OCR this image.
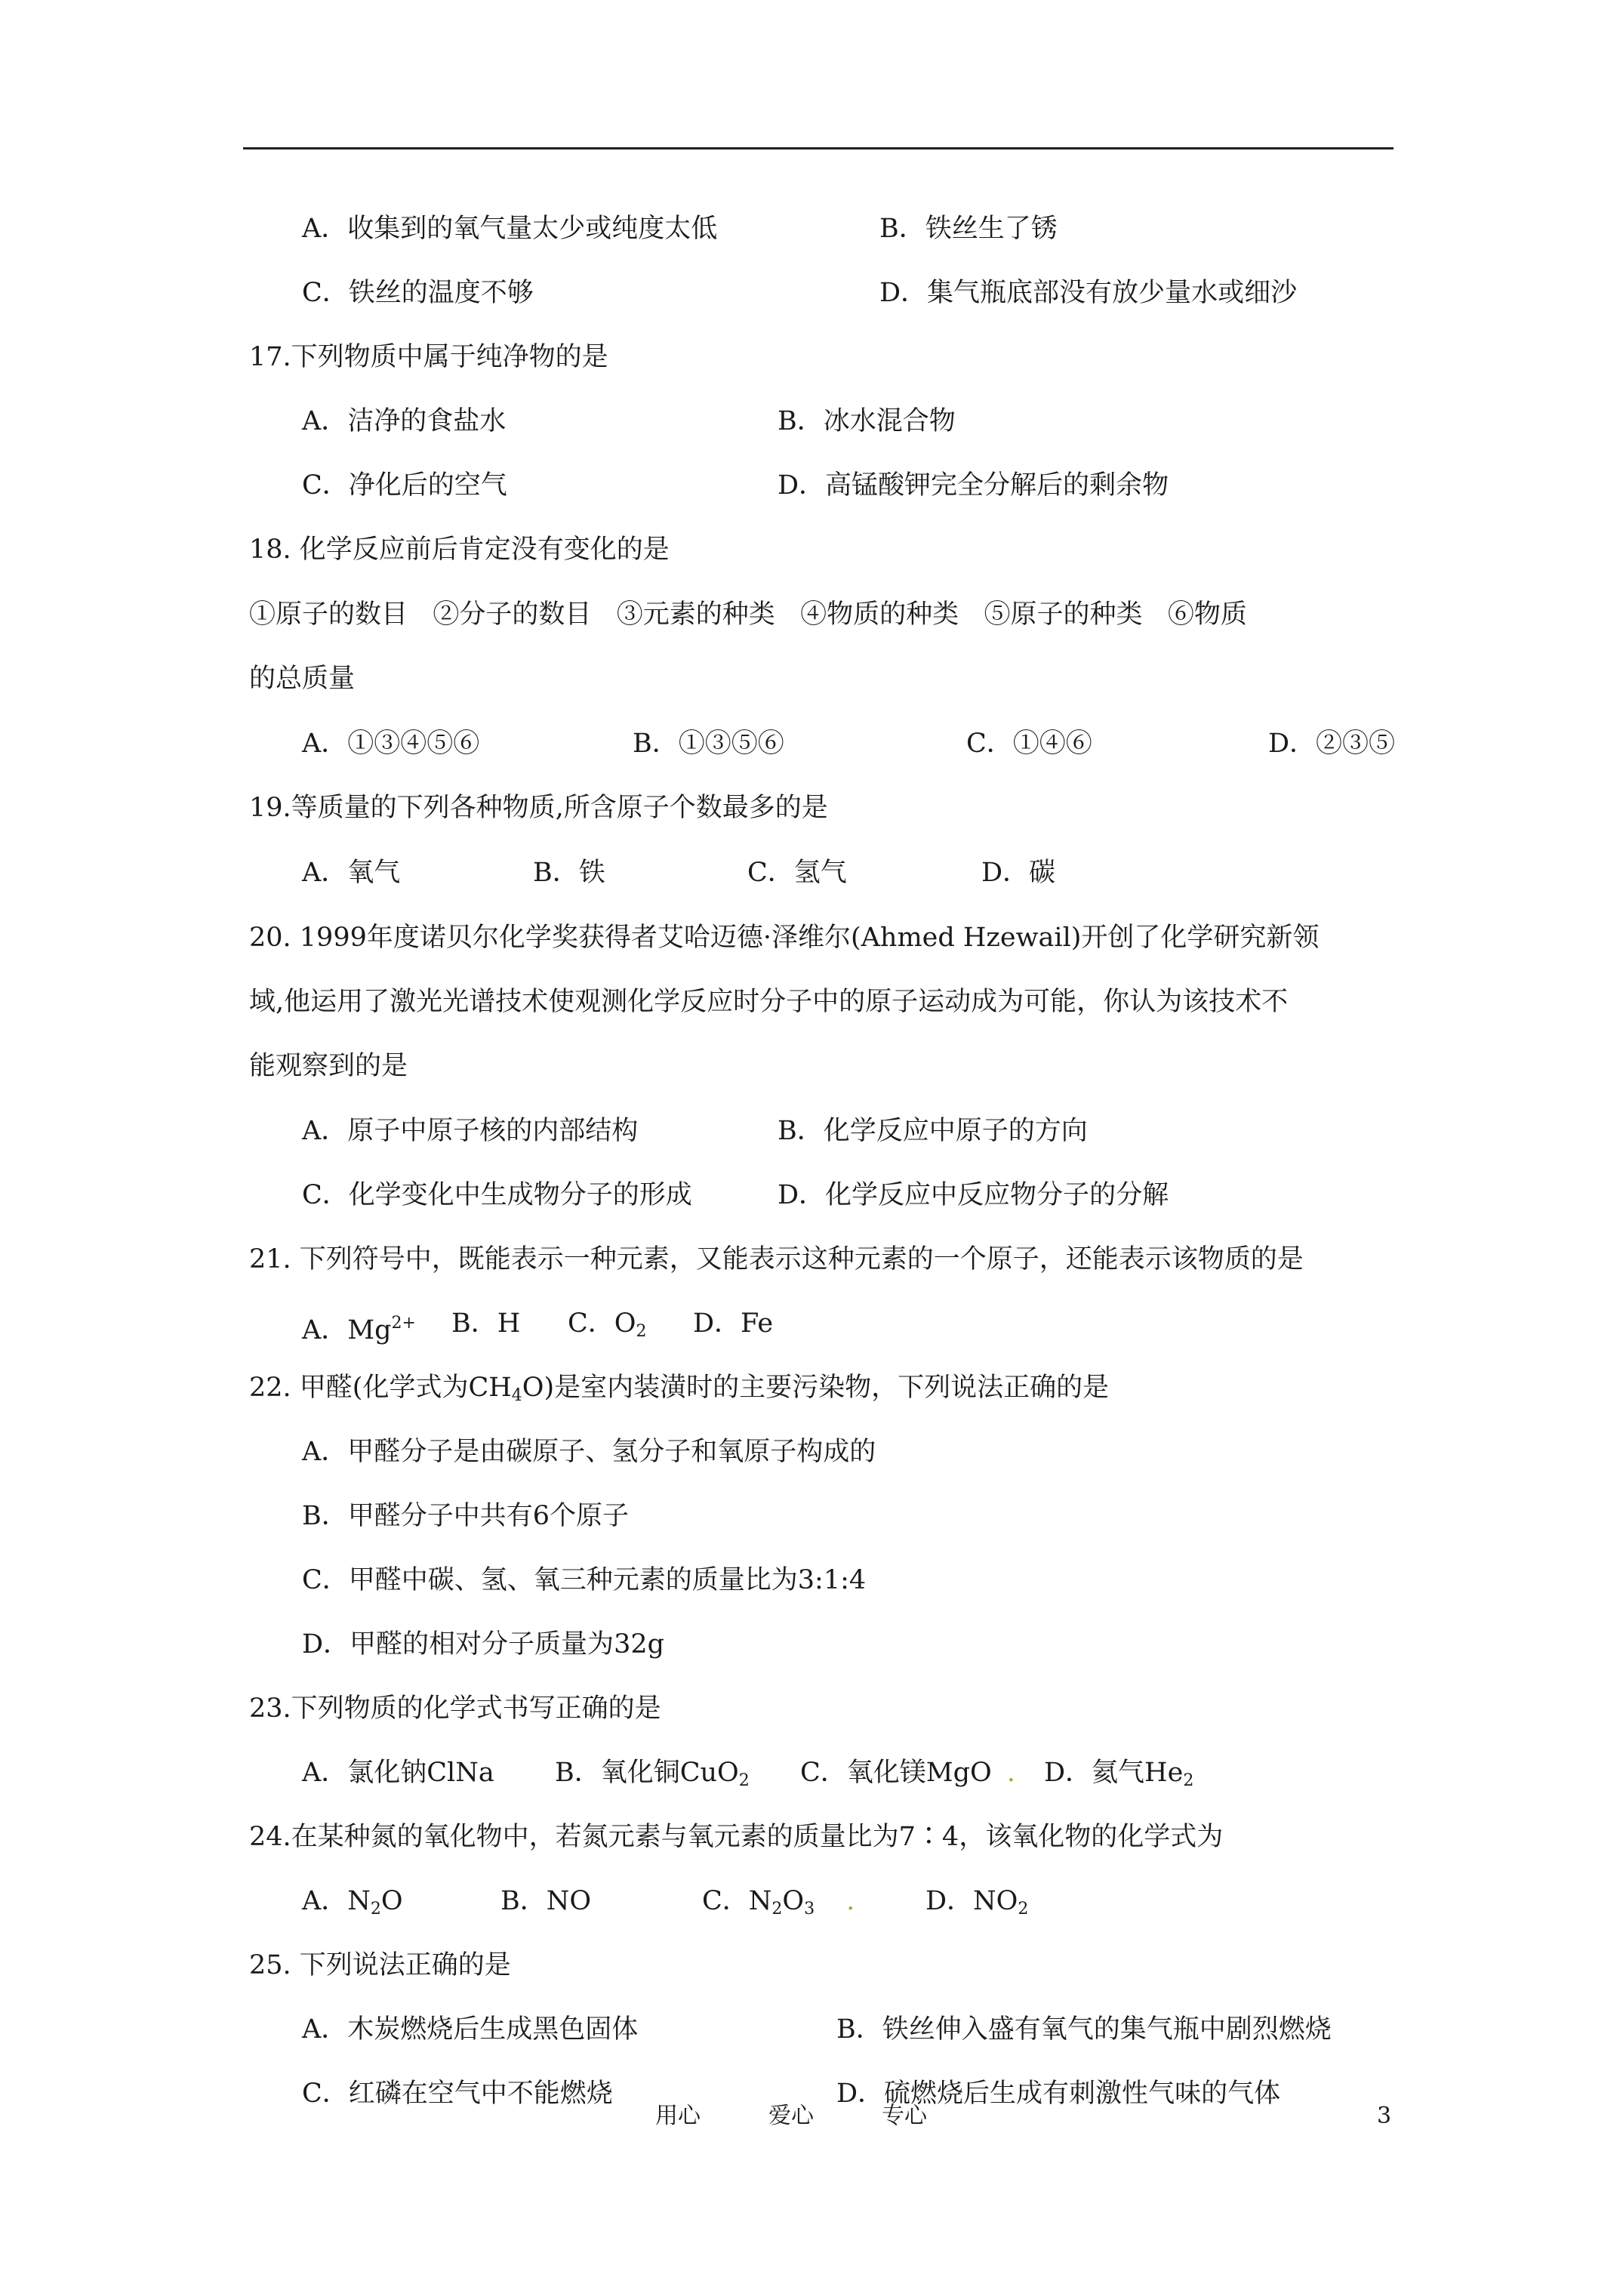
A．收集到的氧气量太少或纯度太低	B．铁丝生了锈
C．铁丝的温度不够	D．集气瓶底部没有放少量水或细沙
17.下列物质中属于纯净物的是
A．洁净的食盐水	B．冰水混合物
C．净化后的空气	D．高锰酸钾完全分解后的剩余物
18. 化学反应前后肯定没有变化的是
①原子的数目   ②分子的数目   ③元素的种类   ④物质的种类   ⑤原子的种类   ⑥物质
的总质量
A．①③④⑤⑥	B．①③⑤⑥	C．①④⑥	D．②③⑤
19.等质量的下列各种物质,所含原子个数最多的是
A．氧气	B．铁	C．氢气	D．碳
20. 1999年度诺贝尔化学奖获得者艾哈迈德·泽维尔(Ahmed Hzewail)开创了化学研究新领
域,他运用了激光光谱技术使观测化学反应时分子中的原子运动成为可能，你认为该技术不
能观察到的是
A．原子中原子核的内部结构	B．化学反应中原子的方向
C．化学变化中生成物分子的形成	D．化学反应中反应物分子的分解
21. 下列符号中，既能表示一种元素，又能表示这种元素的一个原子，还能表示该物质的是
A．$Mg^{2+}$ B．H C．$O_2$ D．Fe
22. 甲醛(化学式为$CH_4O$)是室内装潢时的主要污染物，下列说法正确的是
A．甲醛分子是由碳原子、氢分子和氧原子构成的
B．甲醛分子中共有6个原子
C．甲醛中碳、氢、氧三种元素的质量比为3:1:4
D．甲醛的相对分子质量为32g
23.下列物质的化学式书写正确的是
A．氯化钠ClNa B．氧化铜CuO$_2$ C．氧化镁MgO . D．氦气$He_2$
24.在某种氮的氧化物中，若氮元素与氧元素的质量比为7∶4，该氧化物的化学式为
A．$N_2O$	B．NO	C．$N_2O_3$ .	D．$NO_2$
25. 下列说法正确的是
A．木炭燃烧后生成黑色固体	B．铁丝伸入盛有氧气的集气瓶中剧烈燃烧
C．红磷在空气中不能燃烧	D．硫燃烧后生成有刺激性气味的气体
用心	爱心	专心	3
